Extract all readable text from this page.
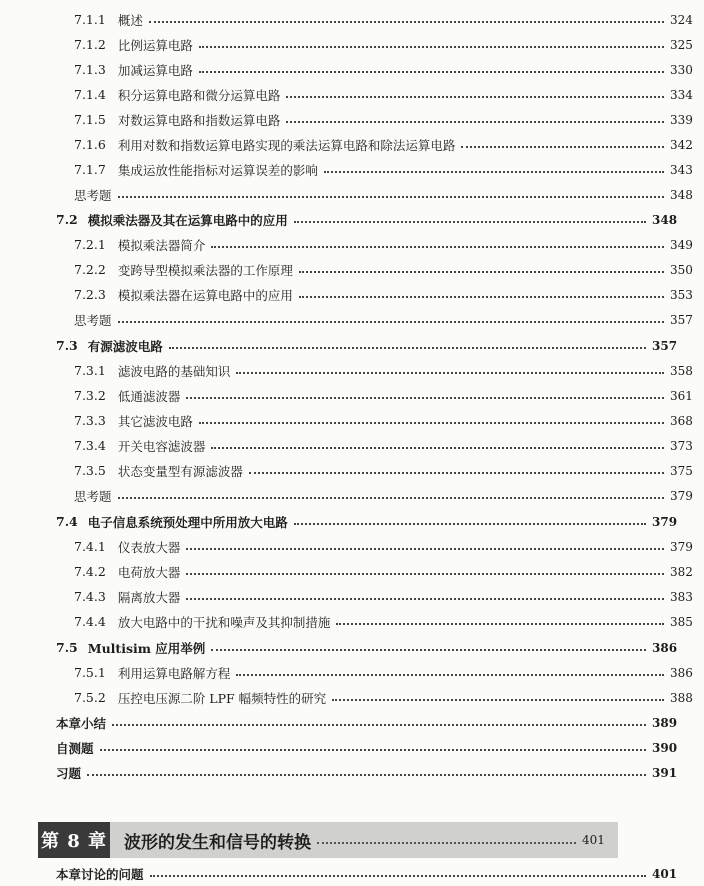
7.1.1 概述	324
7.1.2 比例运算电路	325
7.1.3 加减运算电路	330
7.1.4 积分运算电路和微分运算电路	334
7.1.5 对数运算电路和指数运算电路	339
7.1.6 利用对数和指数运算电路实现的乘法运算电路和除法运算电路	342
7.1.7 集成运放性能指标对运算误差的影响	343
思考题	348
7.2 模拟乘法器及其在运算电路中的应用	348
7.2.1 模拟乘法器简介	349
7.2.2 变跨导型模拟乘法器的工作原理	350
7.2.3 模拟乘法器在运算电路中的应用	353
思考题	357
7.3 有源滤波电路	357
7.3.1 滤波电路的基础知识	358
7.3.2 低通滤波器	361
7.3.3 其它滤波电路	368
7.3.4 开关电容滤波器	373
7.3.5 状态变量型有源滤波器	375
思考题	379
7.4 电子信息系统预处理中所用放大电路	379
7.4.1 仪表放大器	379
7.4.2 电荷放大器	382
7.4.3 隔离放大器	383
7.4.4 放大电路中的干扰和噪声及其抑制措施	385
7.5 Multisim 应用举例	386
7.5.1 利用运算电路解方程	386
7.5.2 压控电压源二阶 LPF 幅频特性的研究	388
本章小结	389
自测题	390
习题	391
第 8 章 波形的发生和信号的转换	401
本章讨论的问题	401
